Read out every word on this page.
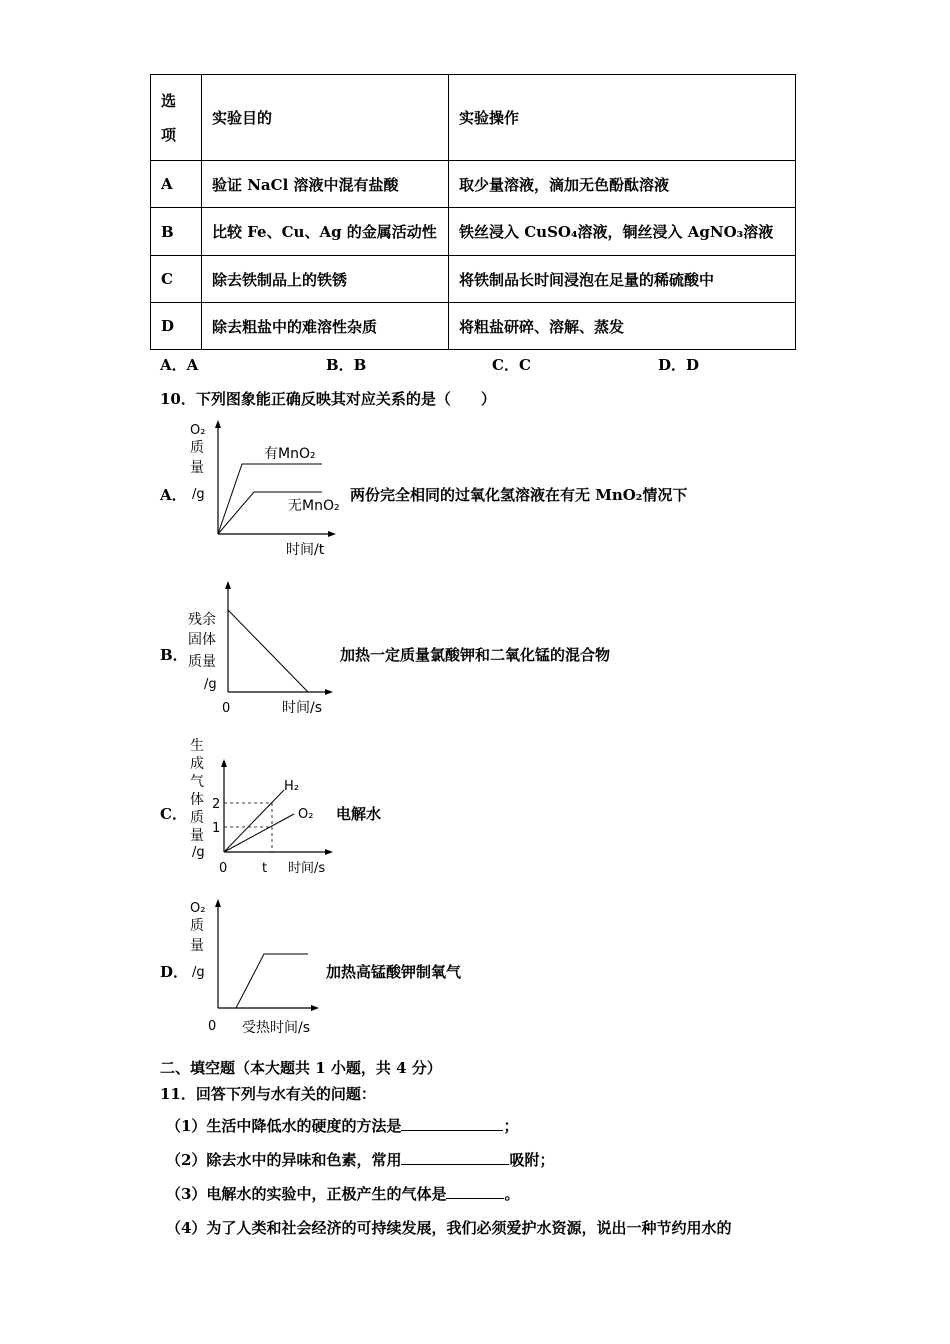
选
项	实验目的	实验操作
A	验证 NaCl 溶液中混有盐酸	取少量溶液，滴加无色酚酞溶液
B	比较 Fe、Cu、Ag 的金属活动性	铁丝浸入 CuSO₄溶液，铜丝浸入 AgNO₃溶液
C	除去铁制品上的铁锈	将铁制品长时间浸泡在足量的稀硫酸中
D	除去粗盐中的难溶性杂质	将粗盐研碎、溶解、蒸发
A．A	B．B	C．C	D．D
10．下列图象能正确反映其对应关系的是（　　）
A．
O₂
质
量
/g
有MnO₂
无MnO₂
时间/t
两份完全相同的过氧化氢溶液在有无 MnO₂情况下
B．
残余
固体
质量
/g
0	时间/s
加热一定质量氯酸钾和二氧化锰的混合物
C．
生
成
气
体
质
量
/g
2
1
H₂
O₂
0	t 时间/s
电解水
D．
O₂
质
量
/g
0 受热时间/s
加热高锰酸钾制氧气
二、填空题（本大题共 1 小题，共 4 分）
11．回答下列与水有关的问题：
（1）生活中降低水的硬度的方法是	；
（2）除去水中的异味和色素，常用	吸附；
（3）电解水的实验中，正极产生的气体是	。
（4）为了人类和社会经济的可持续发展，我们必须爱护水资源，说出一种节约用水的
